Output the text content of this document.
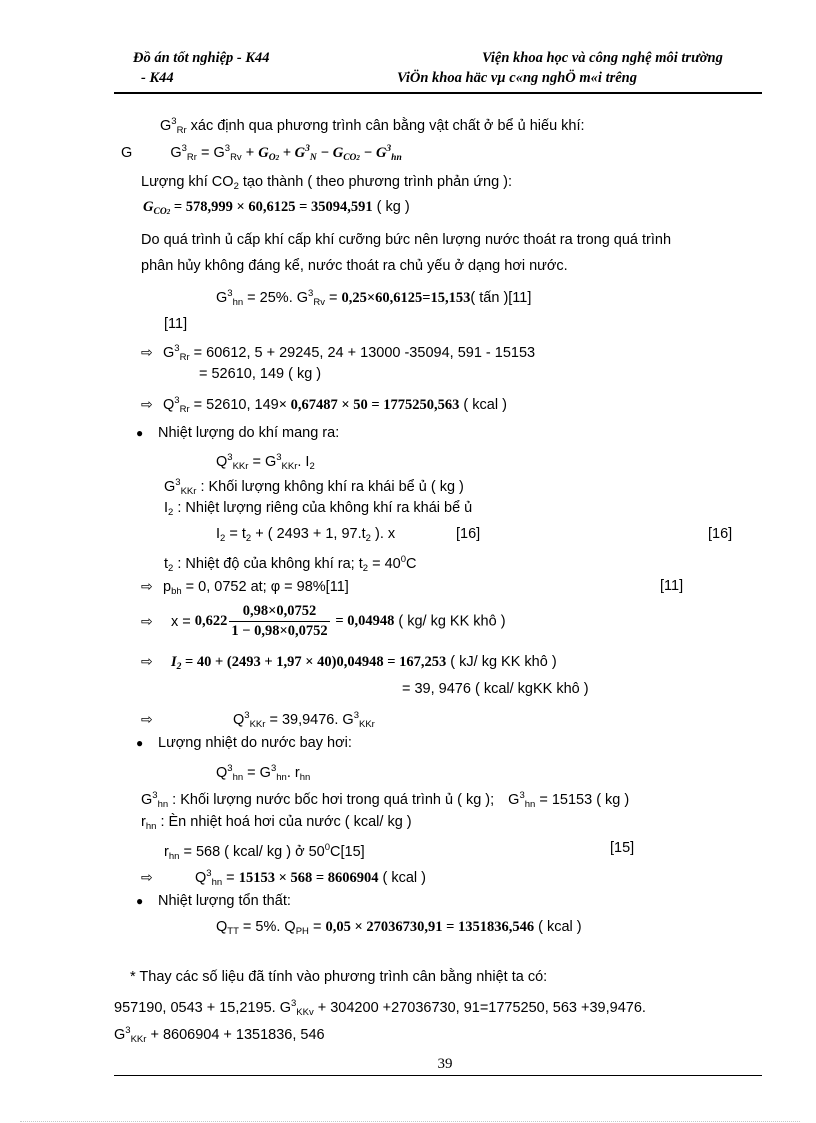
Đồ án tốt nghiệp - K44
- K44
Viện khoa học và công nghệ môi trường
ViÖn khoa häc vµ c«ng nghÖ m«i trêng
$G^3_{Rr}$ xác định qua phương trình cân bằng vật chất ở bể ủ hiếu khí:
G	$G^3_{Rr} = G^3_{Rv} + G_{O2} + G^3_N - G_{CO2} - G^3_{hn}$
Lượng khí $CO_2$ tạo thành ( theo phương trình phản ứng ):
$G_{CO2} = 578,999 \times 60,6125 = 35094,591$ ( kg )
Do quá trình ủ cấp khí cấp khí cưỡng bức nên lượng nước thoát ra trong quá trình
phân hủy không đáng kể, nước thoát ra chủ yếu ở dạng hơi nước.
$G^3_{hn} = 25\%$. $G^3_{Rv} = 0,25\times 60,6125=15,153$( tấn )[11]
[11]
⇨ $G^3_{Rr} = 60612$, 5 + 29245, 24 + 13000 -35094, 591 - 15153
= 52610, 149 ( kg )
⇨ $Q^3_{Rr} = 52610$, 149× 0,67487 × 50 = 1775250,563 ( kcal )
● Nhiệt lượng do khí mang ra:
$Q^3_{KKr} = G^3_{KKr}$. $I_2$
$G^3_{KKr}$ : Khối lượng không khí ra khái bể ủ ( kg )
$I_2$ : Nhiệt lượng riêng của không khí ra khái bể ủ
$I_2 = t_2$ + ( 2493 + 1, $97.t_2$ ). x	[16]	[16]
$t_2$ : Nhiệt độ của không khí ra; $t_2 = 40^0C$
⇨ $p_{bh} = 0$, 0752 at; φ = 98%[11]	[11]
⇨ $x = 0,622 \frac{0,98\times 0,0752}{1 - 0,98\times 0,0752} = 0,04948$ ( kg/ kg KK khô )
⇨ $I_2 = 40 + (2493 + 1,97 \times 40)0,04948 = 167,253$ ( kJ/ kg KK khô )
= 39, 9476 ( kcal/ kgKK khô )
⇨	$Q^3_{KKr} = 39,9476$. $G^3_{KKr}$
● Lượng nhiệt do nước bay hơi:
$Q^3_{hn} = G^3_{hn}$. $r_{hn}$
$G^3_{hn}$ : Khối lượng nước bốc hơi trong quá trình ủ ( kg ); $G^3_{hn} = 15153$ ( kg )
$r_{hn}$ : Èn nhiệt hoá hơi của nước ( kcal/ kg )
$r_{hn} = 568$ ( kcal/ kg ) ở $50^0C[15]$	[15]
⇨	$Q^3_{hn} = 15153 \times 568 = 8606904$ ( kcal )
● Nhiệt lượng tổn thất:
$Q_{TT} = 5\%$. $Q_{PH} = 0,05 \times 27036730,91 = 1351836,546$ ( kcal )
* Thay các số liệu đã tính vào phương trình cân bằng nhiệt ta có:
957190, 0543 + 15,2195. $G^3_{KKv} + 304200 +27036730$, 91=1775250, 563 +39,9476.
$G^3_{KKr} + 8606904 + 1351836$, 546
39
